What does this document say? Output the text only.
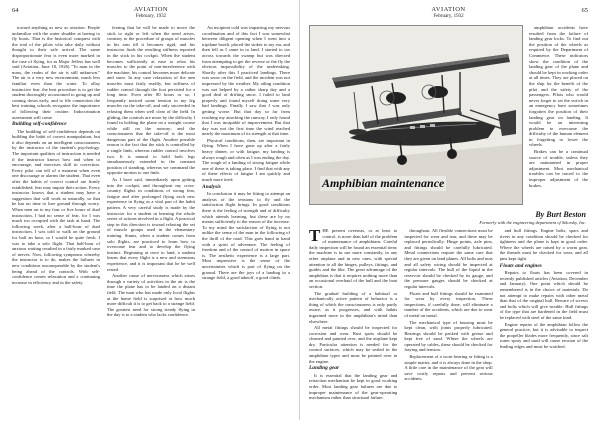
64	AVIATION
February, 1932

toward anything as new as aviation. People unfamiliar with the water shudder at having to fly boats. That is the historical conquest with the trial of the pilots who take daily without thought to their safe arrival. The same disproportionate fear is even more marked in the case of flying, for as Major Jeffers has well said (Aviation, June 18, 1926) "To man in the mass, the realm of the air is still unknown." The air is a very new environment, much less familiar even than the water. To allay instinctive fear, the best procedure is to get the student thoroughly accustomed to going up and coming down early, and to file connection the best training schools recognize the importance of following their routine. Indoctrination assessment will come.

Building self-confidence

The building of self-confidence depends on building the habit of correct manipulation, but it also depends on an intelligent consciousness by the instructor of the student's psychology. The important qualities of instruction is needed if the instructor knows how and when to encourage, and exercises skill in correction. Every pilot can tell of a moment when even one discourage or alarms the student. That even after the habits of correct control are firmly established, fear may impair their action. Every instructor knows that a student may have a suggestion that will work as naturally, so that he has no time to lose ground through worry. When men on to my four or five hours of dual instruction, I had no sense of fear, for I was much too occupied with the task at hand. The following week, after a half-hour of dual instruction, I was told to walk on the ground for half an hour, so I would be quite fresh. I was to take a solo flight. That half-hour of anxious waiting resulted in a fairly marked case of nerves. Now, following symptoms whereby the instructor is to do, makes the failures in new conditions unconquerable by the student's being ahead of the controls. With self-confidence comes relaxation and a continuing increase in efficiency and in the safety.

fearing that he will be made to move the stick to right or left when the need arises, contrary to the procedure of groups of muscles in his arm till it becomes rigid, and his instructor finds the resulting stiffness reported in the stick in his cockpit. When the student becomes sufficiently at ease to relax his muscles to the point of non-interference with the machine, his control becomes more delicate and surer. In any case relaxation of the arm muscles must fairly readily, but stiffness of rudder control through the foot persisted for a long time. Even after 80 hours or so, I frequently noticed some tension in my leg muscles on the take-off, and only succeeded in relaxing them when well clear of the field. In gliding, the controls are more by the difficulty I found in holding the plane on a straight course while still on the runway; and the consciousness that the take-off is the most dangerous part of the flight. Another possible reason is the fact that the stick is controlled by a single limb, whereas rudder control involves two. It is natural to hold both legs simultaneously extended in the constant position of standing, whereas we command the opposite motion to one limb.

As I have said, immediately upon getting into the cockpit, and throughout my cross-country flights in conditions of strong fear, fatigue and after prolonged flying each new experience in flying as a vital part of the habit pattern. A very careful study is made by the instructor for a student in learning the whole series of actions involved in a flight. A practical step in this direction is toward relaxing the set of muscle groups used in the elementary training. Stunts, when a student comes from solo flights, are practiced to learn how to overcome fear and to develop the flying instinct. Beginning at once to land, a student learns that every flight is a new and strenuous experience, and it is important that he be well rested.

Another cause of nervousness which arises through a variety of activities in the air is the time the plane has to be landed on a distant field. The man who has made only local flights at the home field is surprised at how much more difficult it is to get back to a strange field. The greatest need for strong steady flying in the day is to a student who lacks confidence.

An incipient cold was impairing my nervous coordination and of this fact I was somewhat between diligent opening when I went into a tripilane booth, placed the stoker to my ear, and then fell as I came in to land. I started to tax across towards the swamp but was directed from attempting to get the reverse or the fly the obvious impossibility of the undertaking. Shortly after this I practiced landings. There was snow on the field, and the incident was not impressed by the weather. My ailing condition was not helped by a rather sharp day and a good deal of drifting snow. I failed to land properly and found myself doing some very bad landings. Finally I saw that I was only getting worse. But that day so far from reaching my attacking the runway, I only found that I was incapable of improvement. But that day was not the first time the wind reached nearly the maximum of its strength at that time.

Physical conditions, then, are important in flying. When I have gone up after a fairly heavy dinner, or with fatigue, my landing is always rough and often as I was ending the day. The rough of a landing of strong fatigue while one of these is taking place. I find that with any of these effects of fatigue I am quickly and much more tired.

Analysis

In conclusion it may be fitting to attempt an analysis of the tensions to fly and the satisfaction flight brings. In good conditions there is the feeling of strength and of difficulty which attends learning, but these are by no means sufficiently to the reason of the increase. To my mind the satisfaction of flying is not unlike the sense of the man in the following of the thrill of the road. This goes hand in hand with a spirit of adventure. The feeling of freedom and of the control of motion in space is. The aesthetic experience is a large part. Most impressive is the sense of the uncertainties which is part of flying on the ground. There are the joys of a landing in a strange field, a good takeoff, a good climb.

AVIATION
February, 1932
65
Amphibian maintenance

amphibian accidents have resulted from the failure of landing gear locks. To find out the position of the wheels as required by the Department of Commerce. These indicators show the condition of the landing gear of the plane and should be kept in working order at all times. They are placed on the ship for the benefit of the pilot and the safety of the passengers. Pilots who would never forget to set the switch in an emergency have sometimes forgotten the position of their landing gear on landing. It would be an interesting problem to overcome the difficulty of the human element in forgetting to lower the wheels.

Brakes can be a continual source of trouble, unless they are maintained in proper adjustment. Most mechanical troubles can be traced to the improper adjustment of the brakes.

By Burt Beston
Formerly with the engineering department of Sikorsky, Inc.

THE present overseas, or at least to control, is more than half of the problem of maintenance of amphibians. Careful daily inspection will be found an essential item; the machine is in use more constantly, in any other airplane and in new ones, with special attention to all the hinges, pulleys, fittings, and guides and the like. The great advantage of the amphibian is that it requires nothing more than an occasional overhaul of the hull and the boat section.

The gradual building of a habitual or mechanically active pattern of behavior is a thing of which the consciousness is only partly aware, as it progresses, and with habits ingrained more in the amphibian's mind than elsewhere.

All metal fittings should be inspected for corrosion and wear. Rust spots should be cleaned and painted over, and the airplane kept dry. Particular attention is needed for the control surfaces, which may be sealed in the amphibian types and must be painted over in the engine.

Landing gear

It is essential that the landing gear and retraction mechanism be kept in good working order. Most landing gear failures are due to improper maintenance of the gear-operating mechanism rather than structural failure.

throughout. All flexible connections must be inspected for wear and tear, and these may be replaced periodically. Hinge points, axle pins, and fittings should be carefully lubricated. Metal connections require the same care that they are given on land planes. All bolts and nuts and all safety wiring should be inspected at regular intervals. The hull of the liquid in the reservoir should be checked by its gauge, and the pressure gauges should be checked at regular intervals.

Floats and hull fittings should be examined for wear by every inspection. These inspections, if carefully done, will eliminate a number of the accidents, which are due to wear of metal on metal.

The mechanical type of housing must be kept clean, with joints properly lubricated. Bearings should be packed with grease and kept free of sand. Where the wheels are operated by cables, these should be checked for fraying and tension.

Replacement of a worn bearing or fitting is a simple matter, and it is always done in the shop. A little care in the maintenance of the gear will save costly repairs and prevent serious accidents.

and hull fittings. Engine bolts, spars and rivets in any condition should be checked for tightness and the plane is kept in good order. Where the wheels are raised by a worm gear, the threads must be checked for wear, and all pins kept tight.

Floats and engines

Repairs to floats has been covered in recently published articles (Aviation, December and January). One point which should be remembered is in the choice of materials. Do not attempt to make repairs with other metal than that of the original hull. Beware of screws and bolts which will give trouble. Hull fittings of the type that are hardened in the field must be replaced with steel of the same kind.

Engine repairs of the amphibian follow the general practice, but it is advisable to inspect the propeller blades more frequently, since salt water spray and sand will cause erosion of the leading edges and must be watched.
